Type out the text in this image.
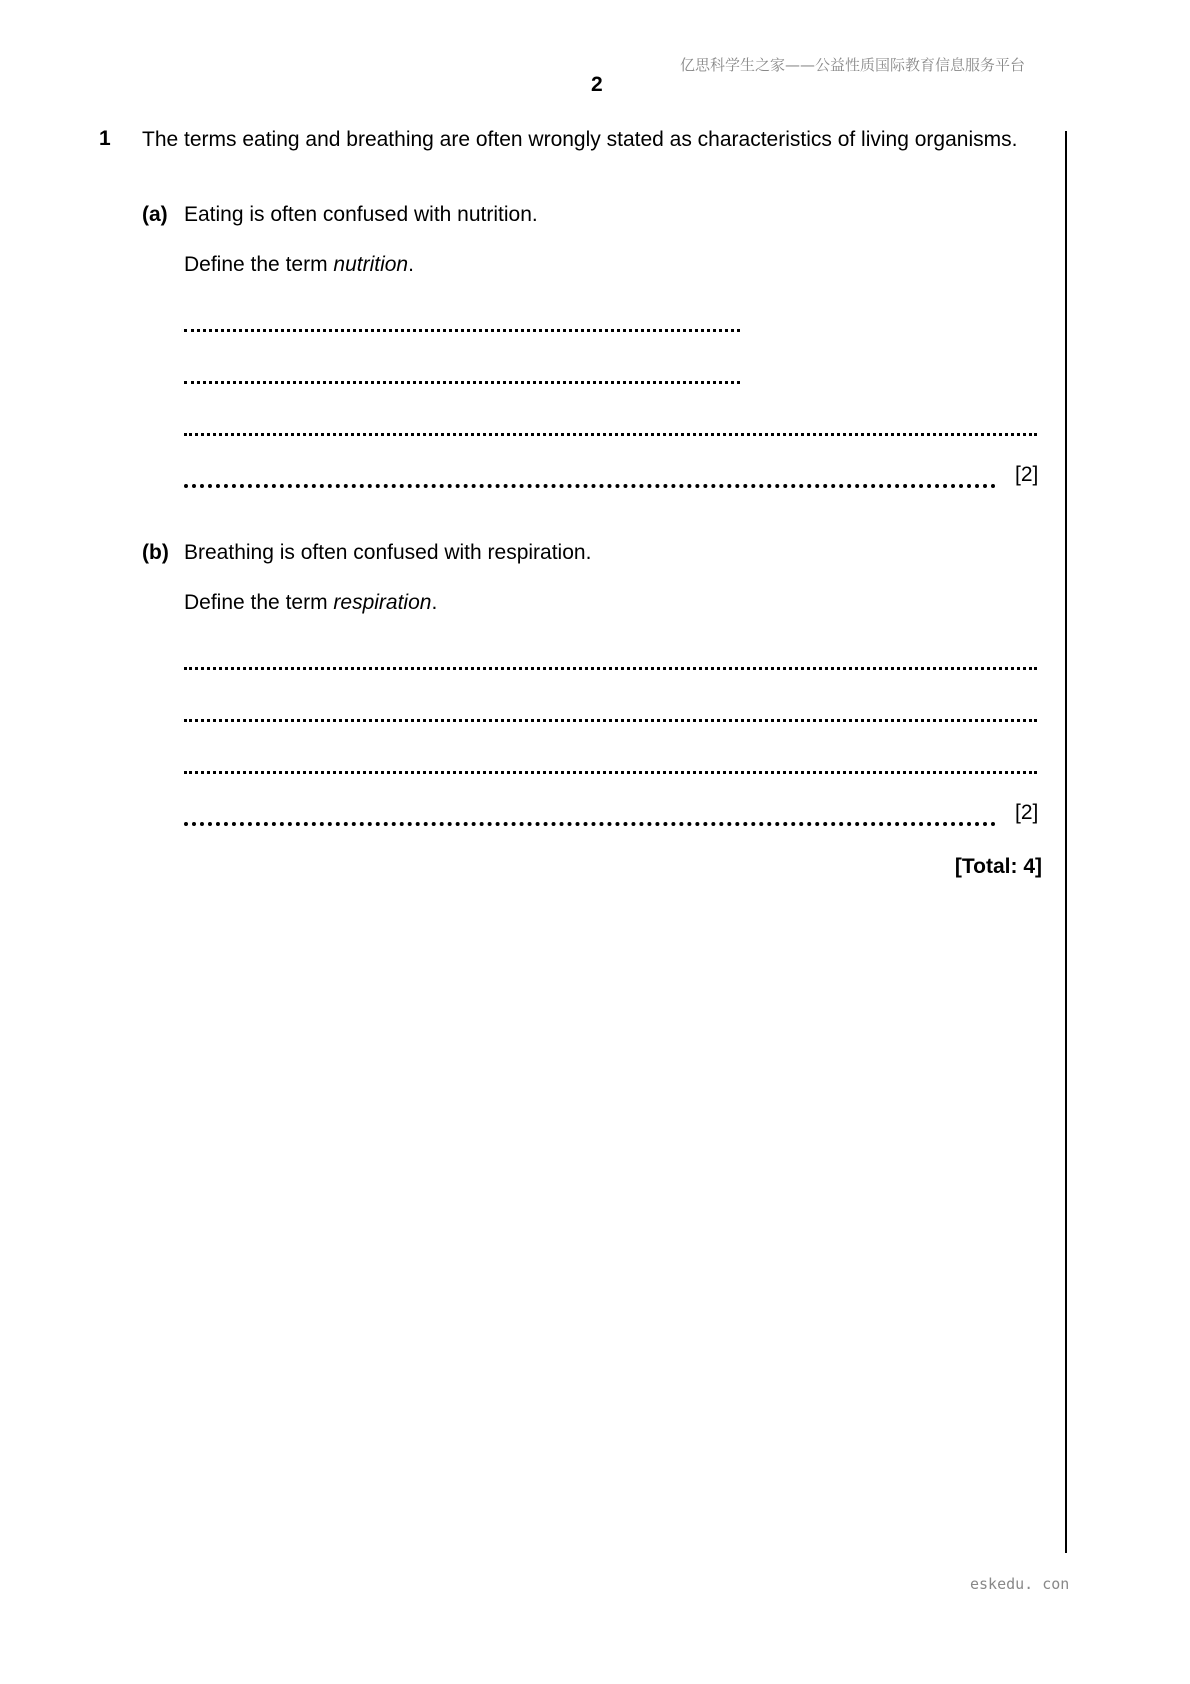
亿思科学生之家——公益性质国际教育信息服务平台
2
1 The terms eating and breathing are often wrongly stated as characteristics of living organisms.
(a) Eating is often confused with nutrition.
Define the term nutrition.
[2]
(b) Breathing is often confused with respiration.
Define the term respiration.
[2]
[Total: 4]
eskedu. con
